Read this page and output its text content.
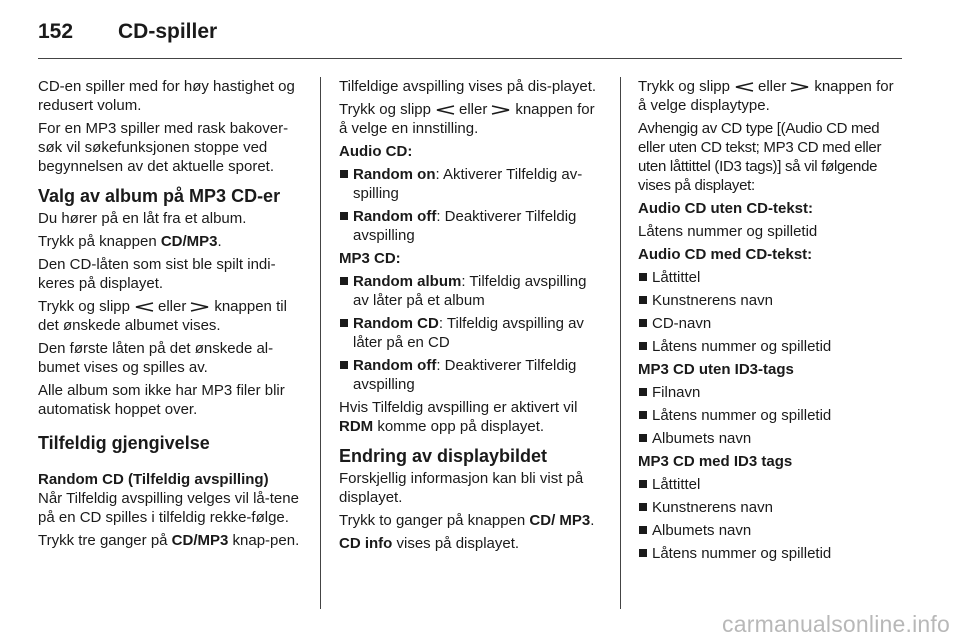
152 CD-spiller

CD-en spiller med for høy hastighet og redusert volum.

For en MP3 spiller med rask bakover-søk vil søkefunksjonen stoppe ved begynnelsen av det aktuelle sporet.

Valg av album på MP3 CD-er

Du hører på en låt fra et album.

Trykk på knappen CD/MP3.

Den CD-låten som sist ble spilt indi-keres på displayet.

Trykk og slipp eller knappen til det ønskede albumet vises.

Den første låten på det ønskede al-bumet vises og spilles av.

Alle album som ikke har MP3 filer blir automatisk hoppet over.

Tilfeldig gjengivelse
Random CD (Tilfeldig avspilling)

Når Tilfeldig avspilling velges vil lå-tene på en CD spilles i tilfeldig rekke-følge.

Trykk tre ganger på CD/MP3 knap-pen.

Tilfeldige avspilling vises på dis-playet.

Trykk og slipp eller knappen for å velge en innstilling.

Audio CD:
Random on: Aktiverer Tilfeldig av-spilling
Random off: Deaktiverer Tilfeldig avspilling
MP3 CD:
Random album: Tilfeldig avspilling av låter på et album
Random CD: Tilfeldig avspilling av låter på en CD
Random off: Deaktiverer Tilfeldig avspilling

Hvis Tilfeldig avspilling er aktivert vil RDM komme opp på displayet.

Endring av displaybildet

Forskjellig informasjon kan bli vist på displayet.

Trykk to ganger på knappen CD/ MP3.

CD info vises på displayet.

Trykk og slipp eller knappen for å velge displaytype.

Avhengig av CD type [(Audio CD med eller uten CD tekst; MP3 CD med eller uten låttittel (ID3 tags)] så vil følgende vises på displayet:

Audio CD uten CD-tekst:

Låtens nummer og spilletid

Audio CD med CD-tekst:
Låttittel
Kunstnerens navn
CD-navn
Låtens nummer og spilletid
MP3 CD uten ID3-tags
Filnavn
Låtens nummer og spilletid
Albumets navn
MP3 CD med ID3 tags
Låttittel
Kunstnerens navn
Albumets navn
Låtens nummer og spilletid
carmanualsonline.info
